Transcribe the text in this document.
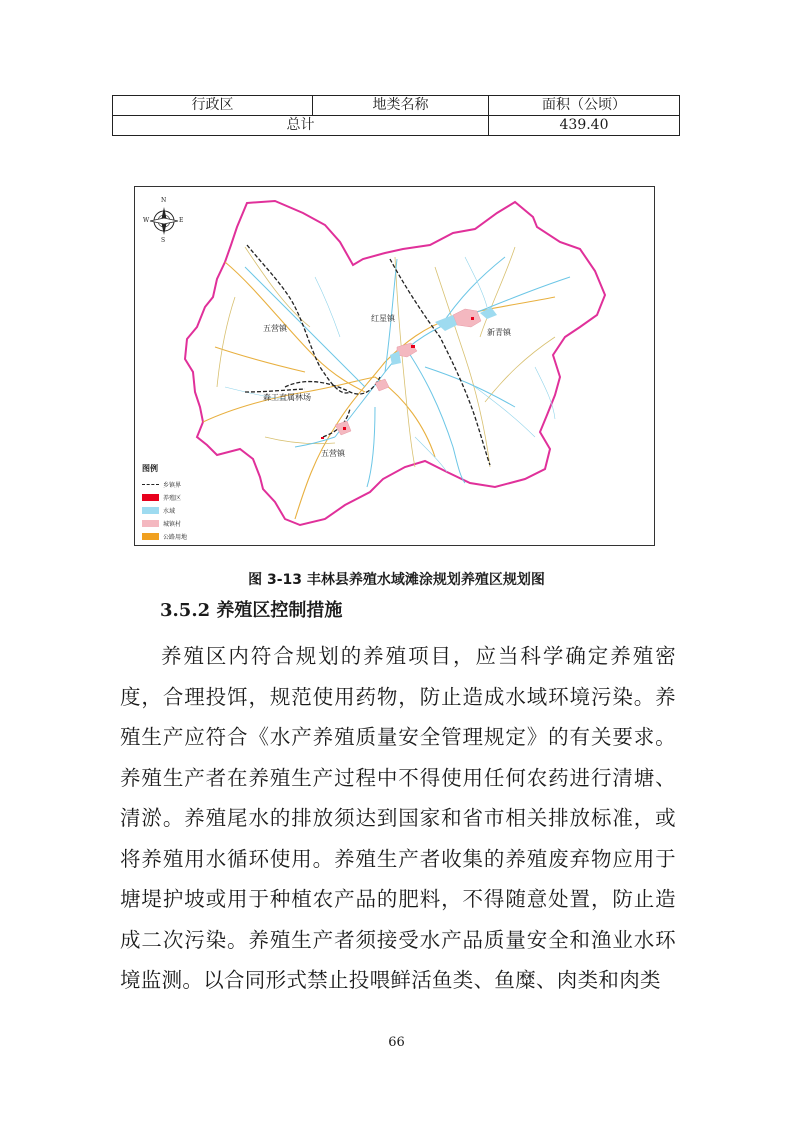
行政区	地类名称	面积（公顷）
总计		439.40
N
S
E
W
五营镇
红星镇
新青镇
森工直属林场
五营镇
图例
乡镇界
养殖区
水域
城镇村
公路用地
图 3-13 丰林县养殖水域滩涂规划养殖区规划图
3.5.2 养殖区控制措施

养殖区内符合规划的养殖项目，应当科学确定养殖密度，合理投饵，规范使用药物，防止造成水域环境污染。养殖生产应符合《水产养殖质量安全管理规定》的有关要求。养殖生产者在养殖生产过程中不得使用任何农药进行清塘、清淤。养殖尾水的排放须达到国家和省市相关排放标准，或将养殖用水循环使用。养殖生产者收集的养殖废弃物应用于塘堤护坡或用于种植农产品的肥料，不得随意处置，防止造成二次污染。养殖生产者须接受水产品质量安全和渔业水环境监测。以合同形式禁止投喂鲜活鱼类、鱼糜、肉类和肉类

66
